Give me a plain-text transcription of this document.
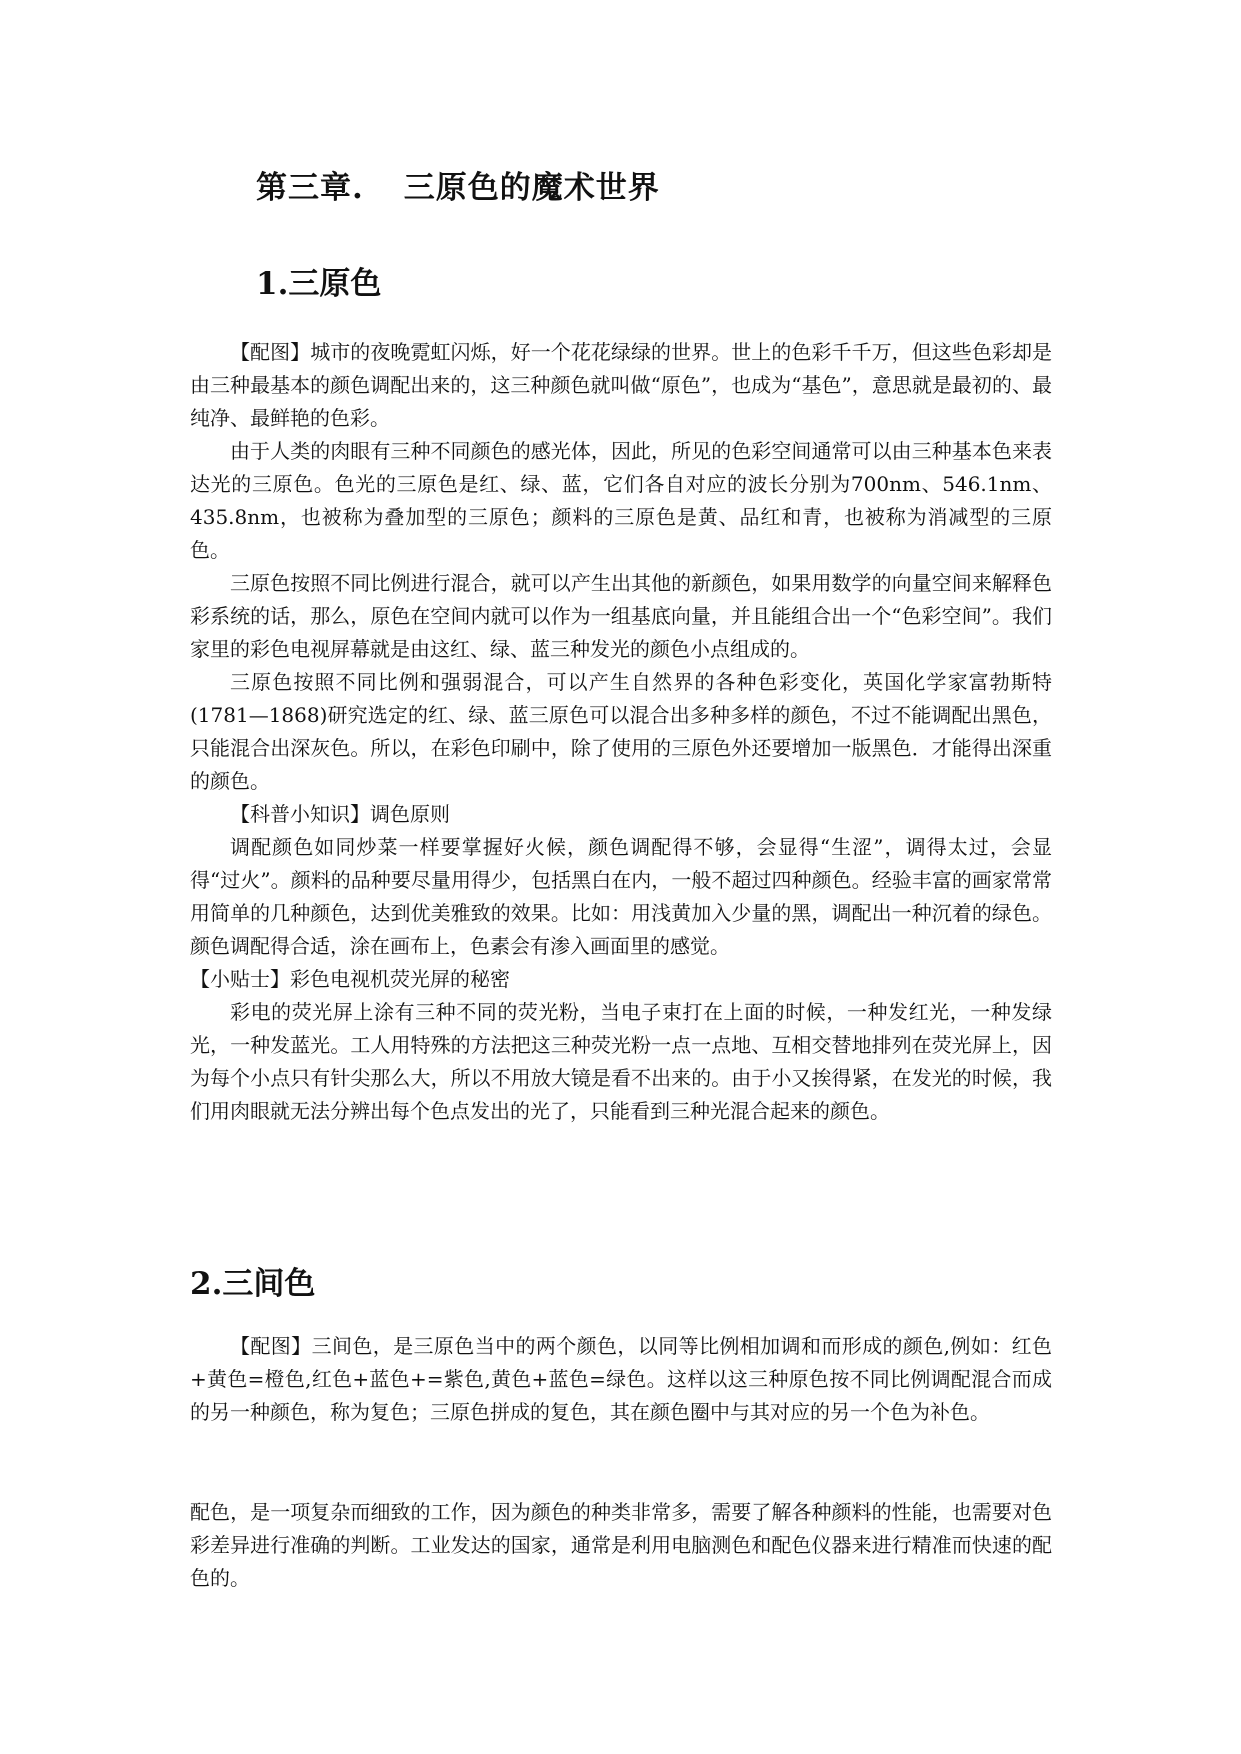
第三章. 三原色的魔术世界
1.三原色

【配图】城市的夜晚霓虹闪烁，好一个花花绿绿的世界。世上的色彩千千万，但这些色彩却是由三种最基本的颜色调配出来的，这三种颜色就叫做“原色”，也成为“基色”，意思就是最初的、最纯净、最鲜艳的色彩。

由于人类的肉眼有三种不同颜色的感光体，因此，所见的色彩空间通常可以由三种基本色来表达光的三原色。色光的三原色是红、绿、蓝，它们各自对应的波长分别为700nm、546.1nm、435.8nm，也被称为叠加型的三原色；颜料的三原色是黄、品红和青，也被称为消减型的三原色。

三原色按照不同比例进行混合，就可以产生出其他的新颜色，如果用数学的向量空间来解释色彩系统的话，那么，原色在空间内就可以作为一组基底向量，并且能组合出一个“色彩空间”。我们家里的彩色电视屏幕就是由这红、绿、蓝三种发光的颜色小点组成的。

三原色按照不同比例和强弱混合，可以产生自然界的各种色彩变化，英国化学家富勃斯特(1781—1868)研究选定的红、绿、蓝三原色可以混合出多种多样的颜色，不过不能调配出黑色，只能混合出深灰色。所以，在彩色印刷中，除了使用的三原色外还要增加一版黑色．才能得出深重的颜色。

【科普小知识】调色原则

调配颜色如同炒菜一样要掌握好火候，颜色调配得不够，会显得“生涩”，调得太过，会显得“过火”。颜料的品种要尽量用得少，包括黑白在内，一般不超过四种颜色。经验丰富的画家常常用简单的几种颜色，达到优美雅致的效果。比如：用浅黄加入少量的黑，调配出一种沉着的绿色。颜色调配得合适，涂在画布上，色素会有渗入画面里的感觉。

【小贴士】彩色电视机荧光屏的秘密

彩电的荧光屏上涂有三种不同的荧光粉，当电子束打在上面的时候，一种发红光，一种发绿光，一种发蓝光。工人用特殊的方法把这三种荧光粉一点一点地、互相交替地排列在荧光屏上，因为每个小点只有针尖那么大，所以不用放大镜是看不出来的。由于小又挨得紧，在发光的时候，我们用肉眼就无法分辨出每个色点发出的光了，只能看到三种光混合起来的颜色。

2.三间色

【配图】三间色，是三原色当中的两个颜色，以同等比例相加调和而形成的颜色,例如：红色+黄色=橙色,红色+蓝色+=紫色,黄色+蓝色=绿色。这样以这三种原色按不同比例调配混合而成的另一种颜色，称为复色；三原色拼成的复色，其在颜色圈中与其对应的另一个色为补色。

配色，是一项复杂而细致的工作，因为颜色的种类非常多，需要了解各种颜料的性能，也需要对色彩差异进行准确的判断。工业发达的国家，通常是利用电脑测色和配色仪器来进行精准而快速的配色的。
